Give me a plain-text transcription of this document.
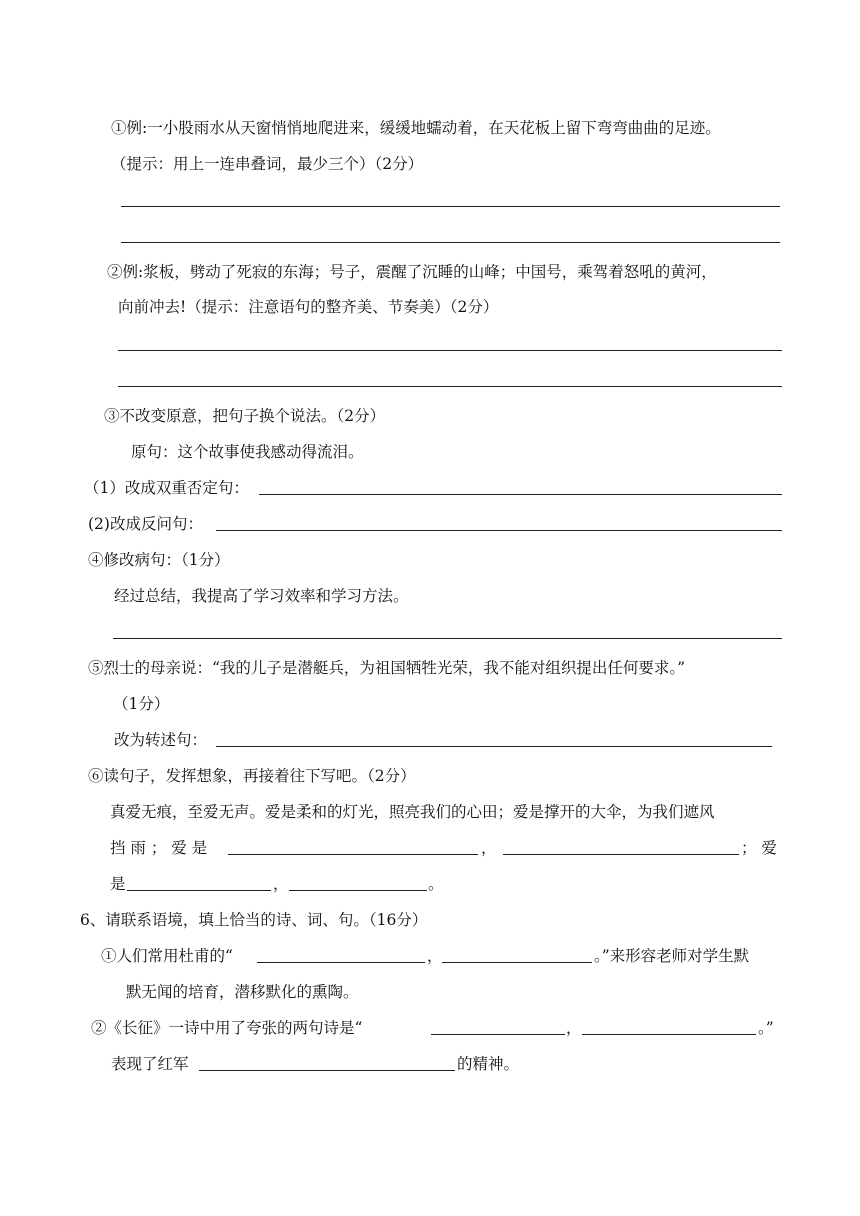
①例:一小股雨水从天窗悄悄地爬进来，缓缓地蠕动着，在天花板上留下弯弯曲曲的足迹。
（提示：用上一连串叠词，最少三个）（2分）
②例:浆板，劈动了死寂的东海；号子，震醒了沉睡的山峰；中国号，乘驾着怒吼的黄河，
向前冲去!（提示：注意语句的整齐美、节奏美）（2分）
③不改变原意，把句子换个说法。（2分）
原句：这个故事使我感动得流泪。
（1）改成双重否定句：
(2)改成反问句：
④修改病句：（1分）
经过总结，我提高了学习效率和学习方法。
⑤烈士的母亲说：“我的儿子是潜艇兵，为祖国牺牲光荣，我不能对组织提出任何要求。”
（1分）
改为转述句：
⑥读句子，发挥想象，再接着往下写吧。（2分）
真爱无痕，至爱无声。爱是柔和的灯光，照亮我们的心田；爱是撑开的大伞，为我们遮风
挡 雨 ； 爱 是	，	； 爱
是	，	。
6、请联系语境，填上恰当的诗、词、句。（16分）
①人们常用杜甫的“	，	。”来形容老师对学生默
默无闻的培育，潜移默化的熏陶。
②《长征》一诗中用了夸张的两句诗是“	，	。”
表现了红军	的精神。
